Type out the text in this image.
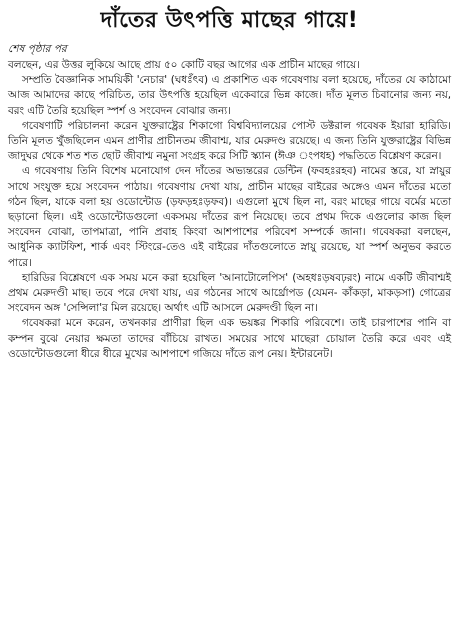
দাঁতের উৎপত্তি মাছের গায়ে!
শেষ পৃষ্ঠার পর

বলছেন, এর উত্তর লুকিয়ে আছে প্রায় ৫০ কোটি বছর আগের এক প্রাচীন মাছের গায়ে।

সম্প্রতি বৈজ্ঞানিক সাময়িকী 'নেচার' (ঘধঃঁৎব) এ প্রকাশিত এক গবেষণায় বলা হয়েছে, দাঁতের যে কাঠামো আজ আমাদের কাছে পরিচিত, তার উৎপত্তি হয়েছিল একেবারে ভিন্ন কাজে। দাঁত মূলত চিবানোর জন্য নয়, বরং এটি তৈরি হয়েছিল স্পর্শ ও সংবেদন বোঝার জন্য।

গবেষণাটি পরিচালনা করেন যুক্তরাষ্ট্রের শিকাগো বিশ্ববিদ্যালয়ের পোস্ট ডক্টরাল গবেষক ইয়ারা হারিডি। তিনি মূলত খুঁজছিলেন এমন প্রাণীর প্রাচীনতম জীবাশ্ম, যার মেরুদণ্ড রয়েছে। এ জন্য তিনি যুক্তরাষ্ট্রের বিভিন্ন জাদুঘর থেকে শত শত ছোট জীবাশ্ম নমুনা সংগ্রহ করে সিটি স্ক্যান (ঈঞ ংপধহ) পদ্ধতিতে বিশ্লেষণ করেন।

এ গবেষণায় তিনি বিশেষ মনোযোগ দেন দাঁতের অভ্যন্তরের ডেন্টিন (ফবহঃরহব) নামের স্তরে, যা স্নায়ুর সাথে সংযুক্ত হয়ে সংবেদন পাঠায়। গবেষণায় দেখা যায়, প্রাচীন মাছের বাইরের অঙ্গেও এমন দাঁতের মতো গঠন ছিল, যাকে বলা হয় ওডোন্টোড (ড়ফড়হঃড়ফব)। এগুলো মুখে ছিল না, বরং মাছের গায়ে বর্মের মতো ছড়ানো ছিল। এই ওডোন্টোডগুলো একসময় দাঁতের রূপ নিয়েছে। তবে প্রথম দিকে এগুলোর কাজ ছিল সংবেদন বোঝা, তাপমাত্রা, পানি প্রবাহ কিংবা আশপাশের পরিবেশ সম্পর্কে জানা। গবেষকরা বলছেন, আধুনিক ক্যাটফিশ, শার্ক এবং স্টিংরে-তেও এই বাইরের দাঁতগুলোতে স্নায়ু রয়েছে, যা স্পর্শ অনুভব করতে পারে।

হারিডির বিশ্লেষণে এক সময় মনে করা হয়েছিল 'আনাটোলেপিস' (অহধঃড়ষবঢ়রং) নামে একটি জীবাশ্মই প্রথম মেরুদণ্ডী মাছ। তবে পরে দেখা যায়, এর গঠনের সাথে আর্থ্রোপড (যেমন- কাঁকড়া, মাকড়সা) গোত্রের সংবেদন অঙ্গ 'সেন্সিলা'র মিল রয়েছে। অর্থাৎ এটি আসলে মেরুদণ্ডী ছিল না।

গবেষকরা মনে করেন, তখনকার প্রাণীরা ছিল এক ভয়ঙ্কর শিকারি পরিবেশে। তাই চারপাশের পানি বা কম্পন বুঝে নেয়ার ক্ষমতা তাদের বাঁচিয়ে রাখত। সময়ের সাথে মাছেরা চোয়াল তৈরি করে এবং এই ওডোন্টোডগুলো ধীরে ধীরে মুখের আশপাশে গজিয়ে দাঁতে রূপ নেয়। ইন্টারনেট।
